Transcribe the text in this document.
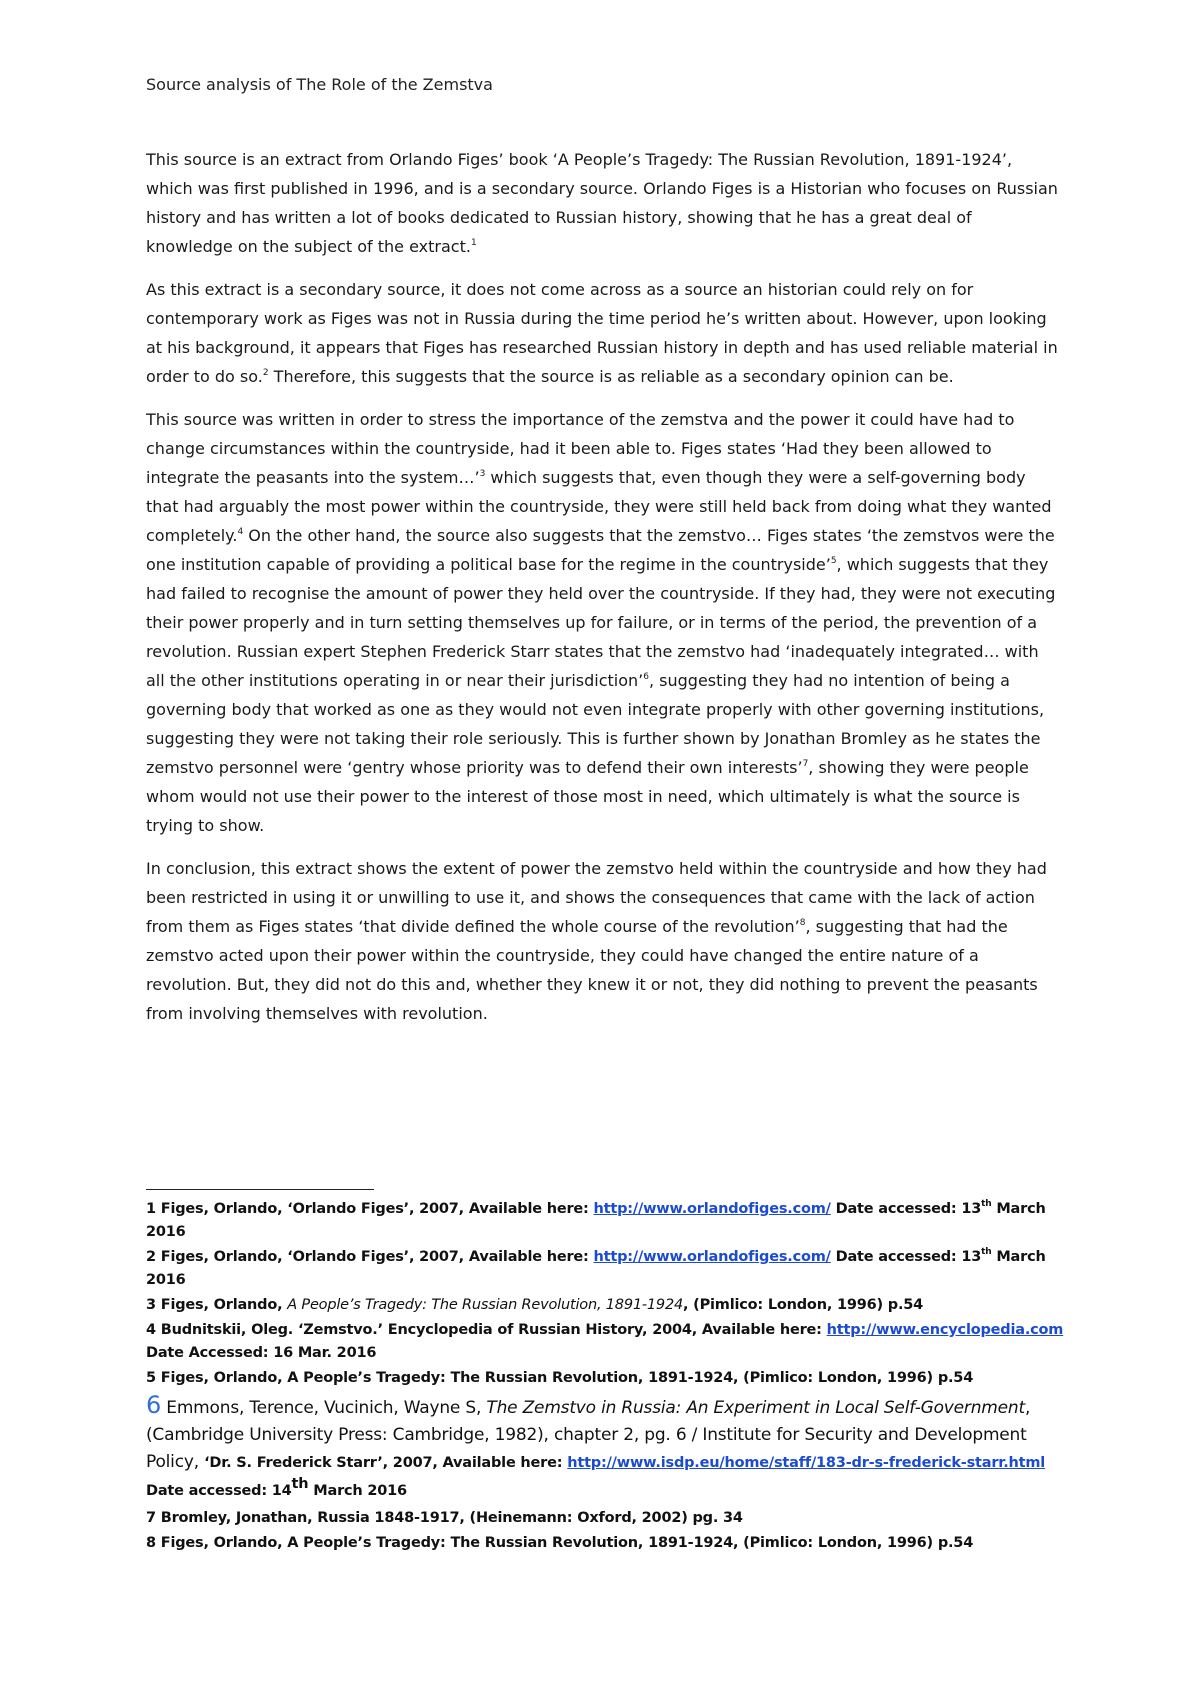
Source analysis of The Role of the Zemstva

This source is an extract from Orlando Figes’ book ‘A People’s Tragedy: The Russian Revolution, 1891-1924’, which was first published in 1996, and is a secondary source. Orlando Figes is a Historian who focuses on Russian history and has written a lot of books dedicated to Russian history, showing that he has a great deal of knowledge on the subject of the extract.$^1$

As this extract is a secondary source, it does not come across as a source an historian could rely on for contemporary work as Figes was not in Russia during the time period he’s written about. However, upon looking at his background, it appears that Figes has researched Russian history in depth and has used reliable material in order to do so.$^2$ Therefore, this suggests that the source is as reliable as a secondary opinion can be.

This source was written in order to stress the importance of the zemstva and the power it could have had to change circumstances within the countryside, had it been able to. Figes states ‘Had they been allowed to integrate the peasants into the system…’$^3$ which suggests that, even though they were a self-governing body that had arguably the most power within the countryside, they were still held back from doing what they wanted completely.$^4$ On the other hand, the source also suggests that the zemstvo… Figes states ‘the zemstvos were the one institution capable of providing a political base for the regime in the countryside’$^5$, which suggests that they had failed to recognise the amount of power they held over the countryside. If they had, they were not executing their power properly and in turn setting themselves up for failure, or in terms of the period, the prevention of a revolution. Russian expert Stephen Frederick Starr states that the zemstvo had ‘inadequately integrated… with all the other institutions operating in or near their jurisdiction’$^6$, suggesting they had no intention of being a governing body that worked as one as they would not even integrate properly with other governing institutions, suggesting they were not taking their role seriously. This is further shown by Jonathan Bromley as he states the zemstvo personnel were ‘gentry whose priority was to defend their own interests’$^7$, showing they were people whom would not use their power to the interest of those most in need, which ultimately is what the source is trying to show.

In conclusion, this extract shows the extent of power the zemstvo held within the countryside and how they had been restricted in using it or unwilling to use it, and shows the consequences that came with the lack of action from them as Figes states ‘that divide defined the whole course of the revolution’$^8$, suggesting that had the zemstvo acted upon their power within the countryside, they could have changed the entire nature of a revolution. But, they did not do this and, whether they knew it or not, they did nothing to prevent the peasants from involving themselves with revolution.

1 Figes, Orlando, ‘Orlando Figes’, 2007, Available here: http://www.orlandofiges.com/ Date accessed: 13th March 2016
2 Figes, Orlando, ‘Orlando Figes’, 2007, Available here: http://www.orlandofiges.com/ Date accessed: 13th March 2016
3 Figes, Orlando, A People’s Tragedy: The Russian Revolution, 1891-1924, (Pimlico: London, 1996) p.54
4 Budnitskii, Oleg. ‘Zemstvo.’ Encyclopedia of Russian History, 2004, Available here: http://www.encyclopedia.com Date Accessed: 16 Mar. 2016
5 Figes, Orlando, A People’s Tragedy: The Russian Revolution, 1891-1924, (Pimlico: London, 1996) p.54
6 Emmons, Terence, Vucinich, Wayne S, The Zemstvo in Russia: An Experiment in Local Self-Government, (Cambridge University Press: Cambridge, 1982), chapter 2, pg. 6 / Institute for Security and Development Policy, ‘Dr. S. Frederick Starr’, 2007, Available here: http://www.isdp.eu/home/staff/183-dr-s-frederick-starr.html Date accessed: 14th March 2016
7 Bromley, Jonathan, Russia 1848-1917, (Heinemann: Oxford, 2002) pg. 34
8 Figes, Orlando, A People’s Tragedy: The Russian Revolution, 1891-1924, (Pimlico: London, 1996) p.54
